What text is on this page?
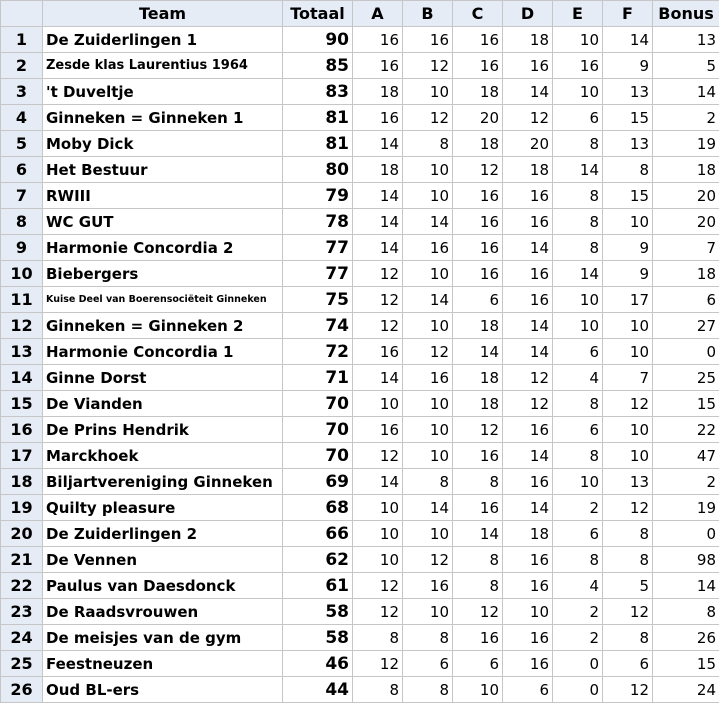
	Team	Totaal	A	B	C	D	E	F	Bonus
1	De Zuiderlingen 1	90	16	16	16	18	10	14	13
2	Zesde klas Laurentius 1964	85	16	12	16	16	16	9	5
3	't Duveltje	83	18	10	18	14	10	13	14
4	Ginneken = Ginneken 1	81	16	12	20	12	6	15	2
5	Moby Dick	81	14	8	18	20	8	13	19
6	Het Bestuur	80	18	10	12	18	14	8	18
7	RWIII	79	14	10	16	16	8	15	20
8	WC GUT	78	14	14	16	16	8	10	20
9	Harmonie Concordia 2	77	14	16	16	14	8	9	7
10	Biebergers	77	12	10	16	16	14	9	18
11	Kuise Deel van Boerensociëteit Ginneken	75	12	14	6	16	10	17	6
12	Ginneken = Ginneken 2	74	12	10	18	14	10	10	27
13	Harmonie Concordia 1	72	16	12	14	14	6	10	0
14	Ginne Dorst	71	14	16	18	12	4	7	25
15	De Vianden	70	10	10	18	12	8	12	15
16	De Prins Hendrik	70	16	10	12	16	6	10	22
17	Marckhoek	70	12	10	16	14	8	10	47
18	Biljartvereniging Ginneken	69	14	8	8	16	10	13	2
19	Quilty pleasure	68	10	14	16	14	2	12	19
20	De Zuiderlingen 2	66	10	10	14	18	6	8	0
21	De Vennen	62	10	12	8	16	8	8	98
22	Paulus van Daesdonck	61	12	16	8	16	4	5	14
23	De Raadsvrouwen	58	12	10	12	10	2	12	8
24	De meisjes van de gym	58	8	8	16	16	2	8	26
25	Feestneuzen	46	12	6	6	16	0	6	15
26	Oud BL-ers	44	8	8	10	6	0	12	24
